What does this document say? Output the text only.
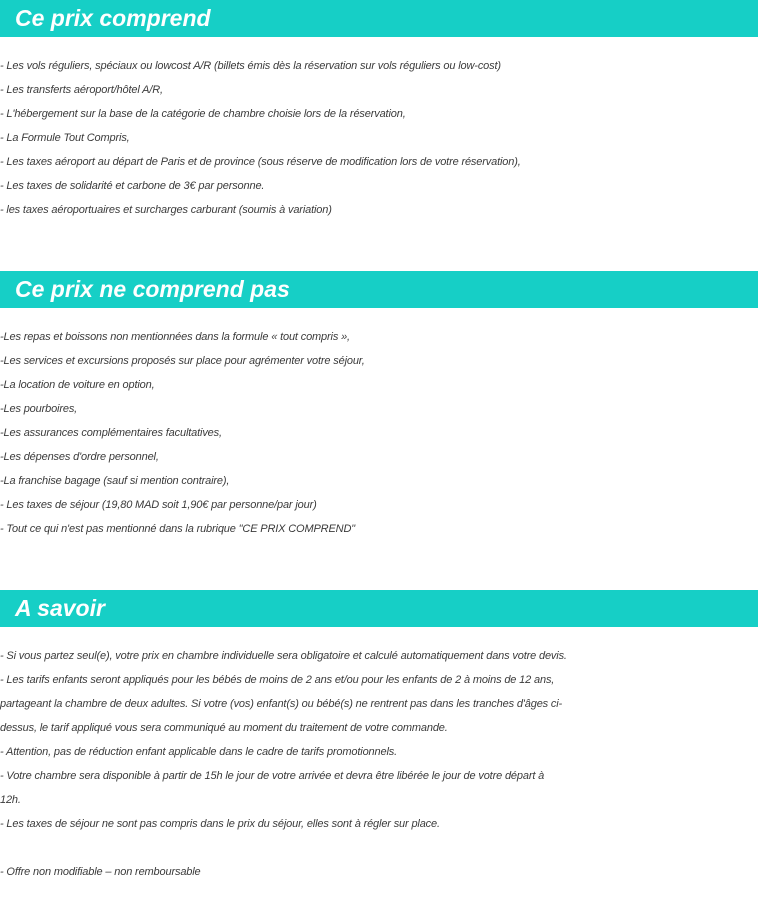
Ce prix comprend
- Les vols réguliers, spéciaux ou lowcost A/R (billets émis dès la réservation sur vols réguliers ou low-cost)
- Les transferts aéroport/hôtel A/R,
- L'hébergement sur la base de la catégorie de chambre choisie lors de la réservation,
- La Formule Tout Compris,
- Les taxes aéroport au départ de Paris et de province (sous réserve de modification lors de votre réservation),
- Les taxes de solidarité et carbone de 3€ par personne.
- les taxes aéroportuaires et surcharges carburant (soumis à variation)
Ce prix ne comprend pas
-Les repas et boissons non mentionnées dans la formule « tout compris »,
-Les services et excursions proposés sur place pour agrémenter votre séjour,
-La location de voiture en option,
-Les pourboires,
-Les assurances complémentaires facultatives,
-Les dépenses d'ordre personnel,
-La franchise bagage (sauf si mention contraire),
- Les taxes de séjour (19,80 MAD soit 1,90€ par personne/par jour)
- Tout ce qui n'est pas mentionné dans la rubrique "CE PRIX COMPREND"
A savoir
- Si vous partez seul(e), votre prix en chambre individuelle sera obligatoire et calculé automatiquement dans votre devis.
- Les tarifs enfants seront appliqués pour les bébés de moins de 2 ans et/ou pour les enfants de 2 à moins de 12 ans,
partageant la chambre de deux adultes. Si votre (vos) enfant(s) ou bébé(s) ne rentrent pas dans les tranches d'âges ci-
dessus, le tarif appliqué vous sera communiqué au moment du traitement de votre commande.
- Attention, pas de réduction enfant applicable dans le cadre de tarifs promotionnels.
- Votre chambre sera disponible à partir de 15h le jour de votre arrivée et devra être libérée le jour de votre départ à
12h.
- Les taxes de séjour ne sont pas compris dans le prix du séjour, elles sont à régler sur place.
- Offre non modifiable – non remboursable
